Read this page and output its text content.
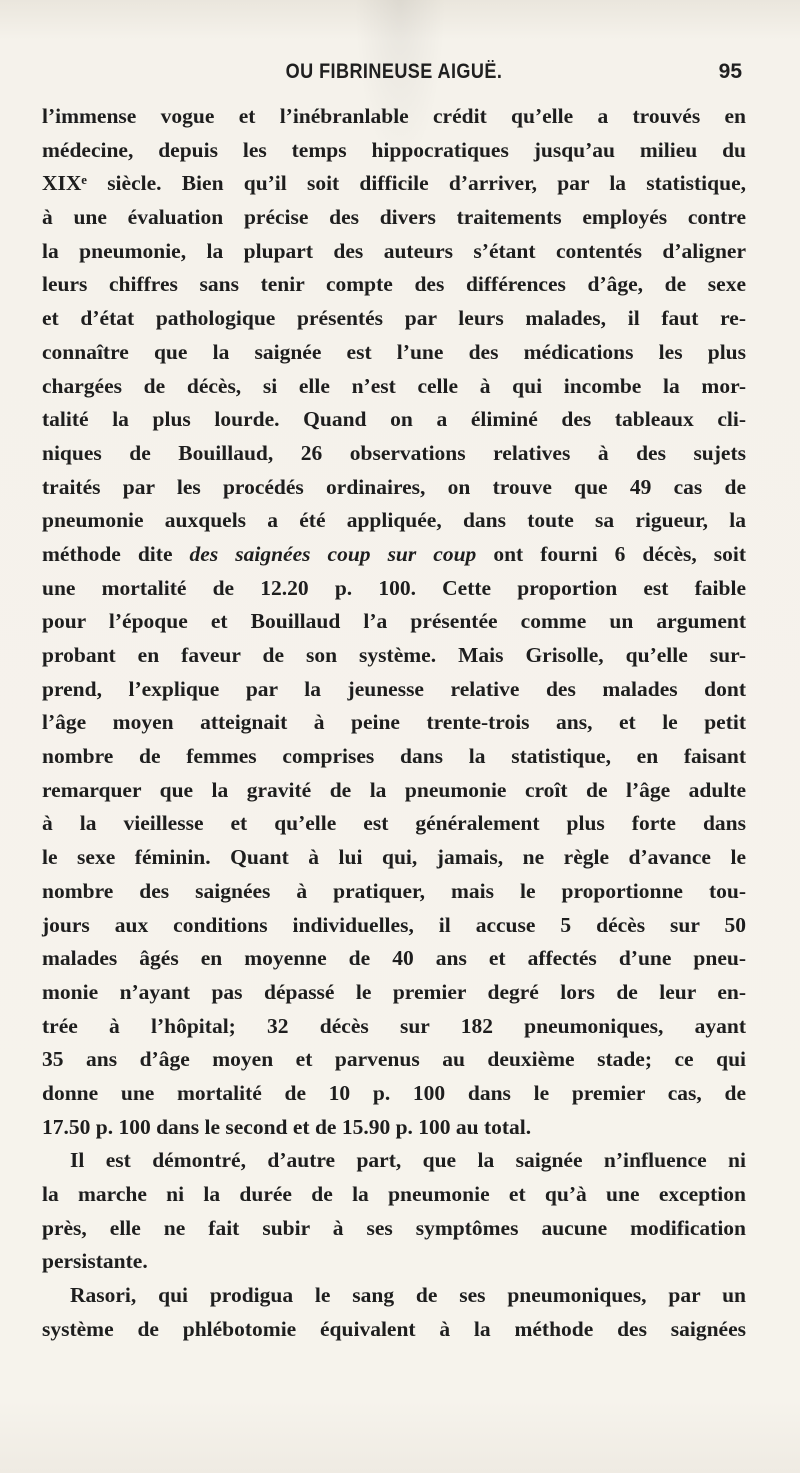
OU FIBRINEUSE AIGUË.	95
l’immense vogue et l’inébranlable crédit qu’elle a trouvés en
médecine, depuis les temps hippocratiques jusqu’au milieu du
XIXᵉ siècle. Bien qu’il soit difficile d’arriver, par la statistique,
à une évaluation précise des divers traitements employés contre
la pneumonie, la plupart des auteurs s’étant contentés d’aligner
leurs chiffres sans tenir compte des différences d’âge, de sexe
et d’état pathologique présentés par leurs malades, il faut re-
connaître que la saignée est l’une des médications les plus
chargées de décès, si elle n’est celle à qui incombe la mor-
talité la plus lourde. Quand on a éliminé des tableaux cli-
niques de Bouillaud, 26 observations relatives à des sujets
traités par les procédés ordinaires, on trouve que 49 cas de
pneumonie auxquels a été appliquée, dans toute sa rigueur, la
méthode dite des saignées coup sur coup ont fourni 6 décès, soit
une mortalité de 12.20 p. 100. Cette proportion est faible
pour l’époque et Bouillaud l’a présentée comme un argument
probant en faveur de son système. Mais Grisolle, qu’elle sur-
prend, l’explique par la jeunesse relative des malades dont
l’âge moyen atteignait à peine trente-trois ans, et le petit
nombre de femmes comprises dans la statistique, en faisant
remarquer que la gravité de la pneumonie croît de l’âge adulte
à la vieillesse et qu’elle est généralement plus forte dans
le sexe féminin. Quant à lui qui, jamais, ne règle d’avance le
nombre des saignées à pratiquer, mais le proportionne tou-
jours aux conditions individuelles, il accuse 5 décès sur 50
malades âgés en moyenne de 40 ans et affectés d’une pneu-
monie n’ayant pas dépassé le premier degré lors de leur en-
trée à l’hôpital; 32 décès sur 182 pneumoniques, ayant
35 ans d’âge moyen et parvenus au deuxième stade; ce qui
donne une mortalité de 10 p. 100 dans le premier cas, de
17.50 p. 100 dans le second et de 15.90 p. 100 au total.
Il est démontré, d’autre part, que la saignée n’influence ni
la marche ni la durée de la pneumonie et qu’à une exception
près, elle ne fait subir à ses symptômes aucune modification
persistante.
Rasori, qui prodigua le sang de ses pneumoniques, par un
système de phlébotomie équivalent à la méthode des saignées
